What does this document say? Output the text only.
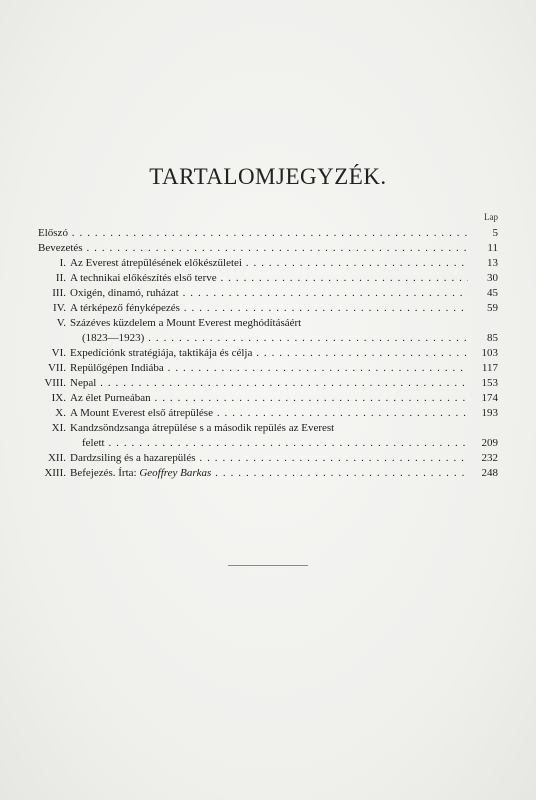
TARTALOMJEGYZÉK.
Lap
Előszó . . .	5
Bevezetés . . .	11
I. Az Everest átrepülésének előkészületei . . .	13
II. A technikai előkészítés első terve . . .	30
III. Oxigén, dinamó, ruházat . . .	45
IV. A térképező fényképezés . . .	59
V. Százéves küzdelem a Mount Everest meghódításáért
(1823—1923) . . .	85
VI. Expedíciónk stratégiája, taktikája és célja . . .	103
VII. Repülőgépen Indiába . . .	117
VIII. Nepal . . .	153
IX. Az élet Purneában . . .	174
X. A Mount Everest első átrepülése . . .	193
XI. Kandzsöndzsanga átrepülése s a második repülés az Everest
felett . . .	209
XII. Dardzsiling és a hazarepülés . . .	232
XIII. Befejezés. Írta: Geoffrey Barkas . . .	248
